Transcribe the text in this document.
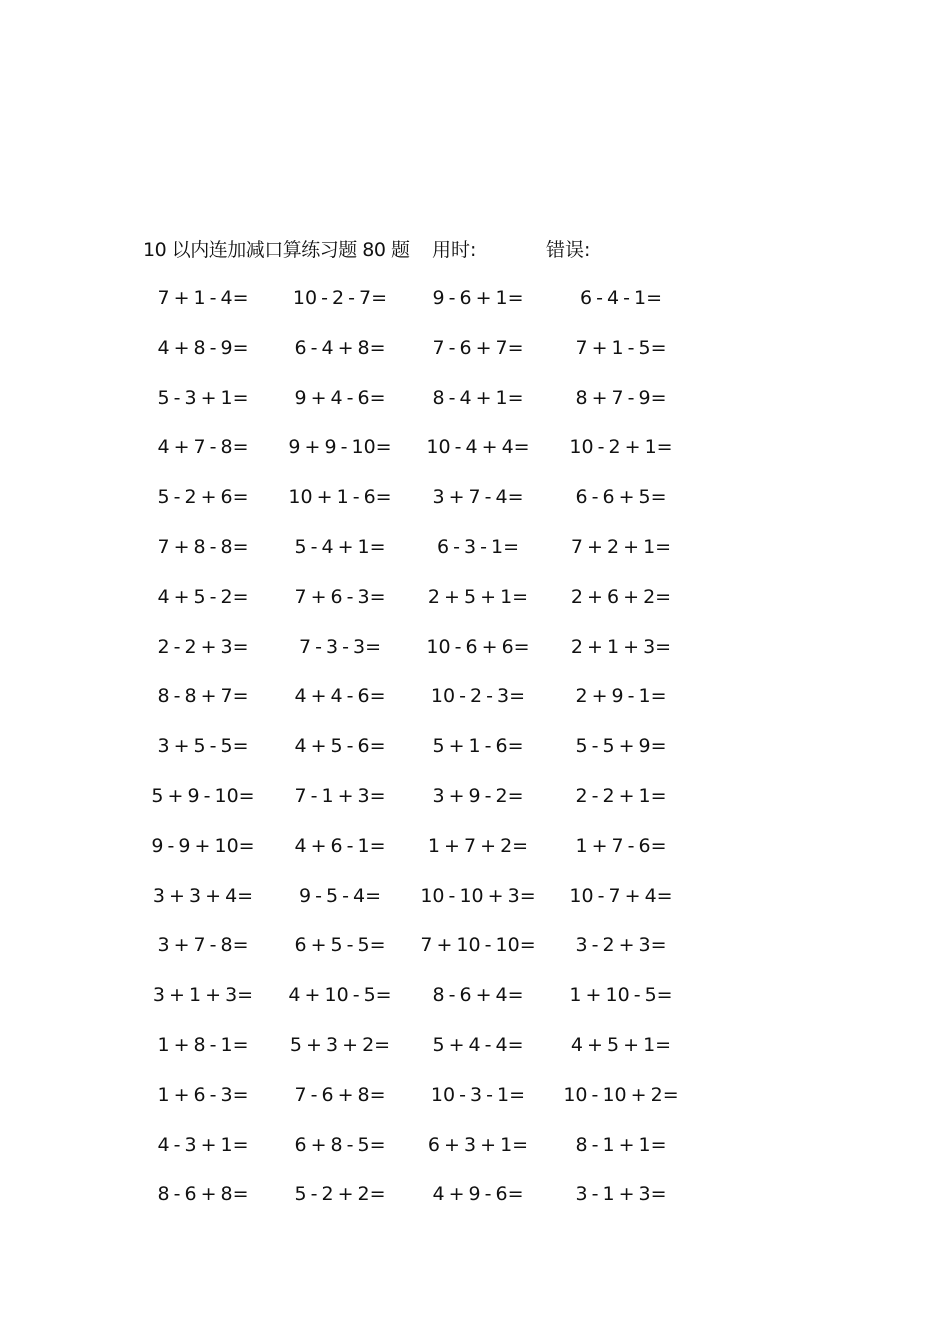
10 以内连加减口算练习题 80 题 用时:	错误:
7 + 1 - 4=	10 - 2 - 7=	9 - 6 + 1=	6 - 4 - 1=
4 + 8 - 9=	6 - 4 + 8=	7 - 6 + 7=	7 + 1 - 5=
5 - 3 + 1=	9 + 4 - 6=	8 - 4 + 1=	8 + 7 - 9=
4 + 7 - 8=	9 + 9 - 10=	10 - 4 + 4=	10 - 2 + 1=
5 - 2 + 6=	10 + 1 - 6=	3 + 7 - 4=	6 - 6 + 5=
7 + 8 - 8=	5 - 4 + 1=	6 - 3 - 1=	7 + 2 + 1=
4 + 5 - 2=	7 + 6 - 3=	2 + 5 + 1=	2 + 6 + 2=
2 - 2 + 3=	7 - 3 - 3=	10 - 6 + 6=	2 + 1 + 3=
8 - 8 + 7=	4 + 4 - 6=	10 - 2 - 3=	2 + 9 - 1=
3 + 5 - 5=	4 + 5 - 6=	5 + 1 - 6=	5 - 5 + 9=
5 + 9 - 10=	7 - 1 + 3=	3 + 9 - 2=	2 - 2 + 1=
9 - 9 + 10=	4 + 6 - 1=	1 + 7 + 2=	1 + 7 - 6=
3 + 3 + 4=	9 - 5 - 4=	10 - 10 + 3=	10 - 7 + 4=
3 + 7 - 8=	6 + 5 - 5=	7 + 10 - 10=	3 - 2 + 3=
3 + 1 + 3=	4 + 10 - 5=	8 - 6 + 4=	1 + 10 - 5=
1 + 8 - 1=	5 + 3 + 2=	5 + 4 - 4=	4 + 5 + 1=
1 + 6 - 3=	7 - 6 + 8=	10 - 3 - 1=	10 - 10 + 2=
4 - 3 + 1=	6 + 8 - 5=	6 + 3 + 1=	8 - 1 + 1=
8 - 6 + 8=	5 - 2 + 2=	4 + 9 - 6=	3 - 1 + 3=
